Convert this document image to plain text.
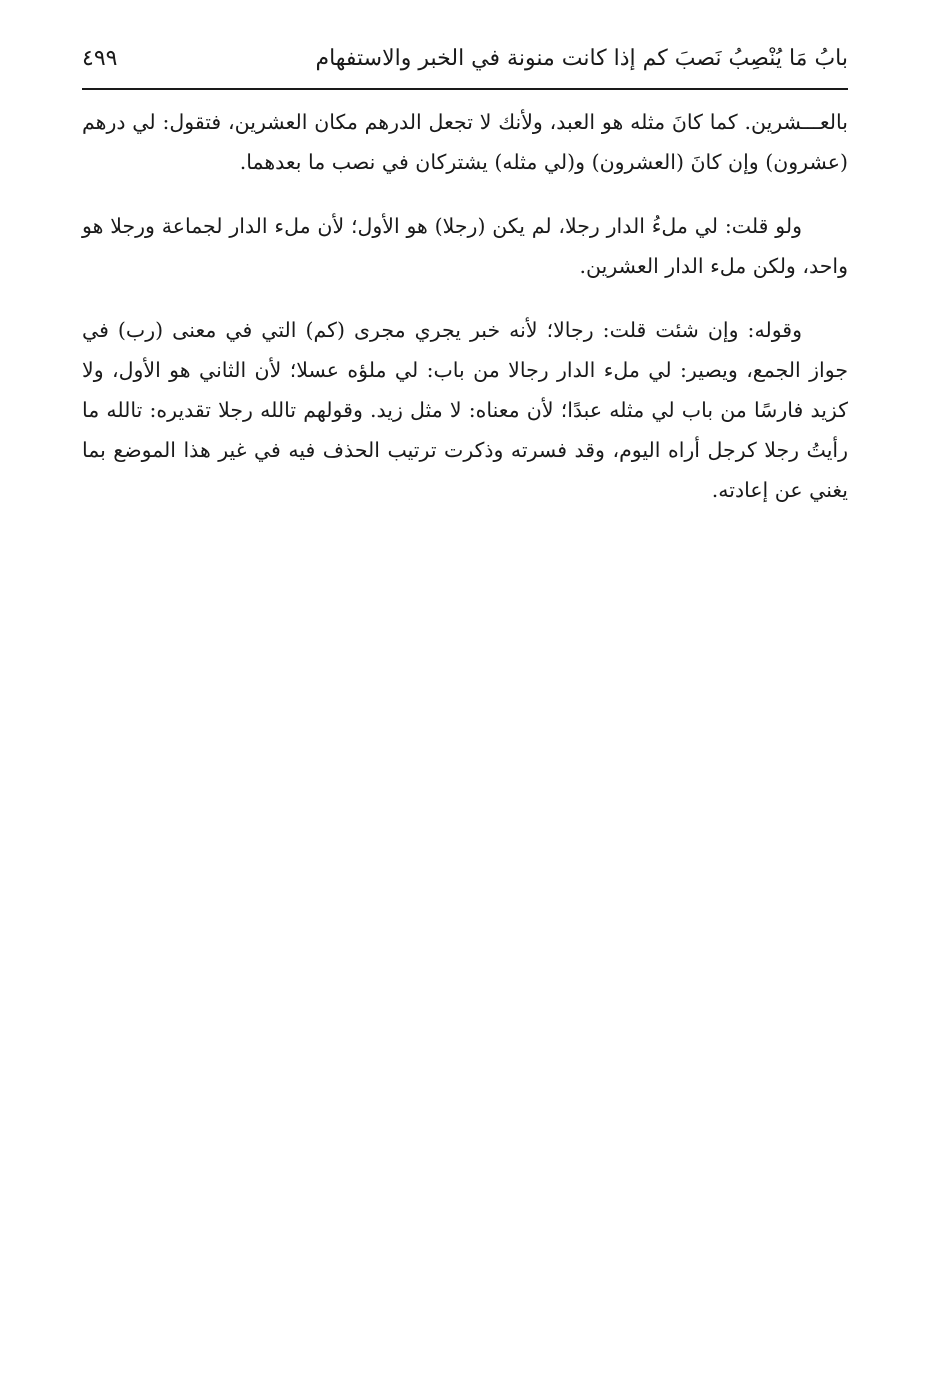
بابُ مَا يُنْصِبُ نَصبَ كم إذا كانت منونة في الخبر والاستفهام
٤٩٩

بالعـــشرين. كما كانَ مثله هو العبد، ولأنك لا تجعل الدرهم مكان العشرين، فتقول: لي درهم (عشرون) وإن كانَ (العشرون) و(لي مثله) يشتركان في نصب ما بعدهما.

ولو قلت: لي ملءُ الدار رجلا، لم يكن (رجلا) هو الأول؛ لأن ملء الدار لجماعة ورجلا هو واحد، ولكن ملء الدار العشرين.

وقوله: وإن شئت قلت: رجالا؛ لأنه خبر يجري مجرى (كم) التي في معنى (رب) في جواز الجمع، ويصير: لي ملء الدار رجالا من باب: لي ملؤه عسلا؛ لأن الثاني هو الأول، ولا كزيد فارسًا من باب لي مثله عبدًا؛ لأن معناه: لا مثل زيد. وقولهم تالله رجلا تقديره: تالله ما رأيتُ رجلا كرجل أراه اليوم، وقد فسرته وذكرت ترتيب الحذف فيه في غير هذا الموضع بما يغني عن إعادته.
